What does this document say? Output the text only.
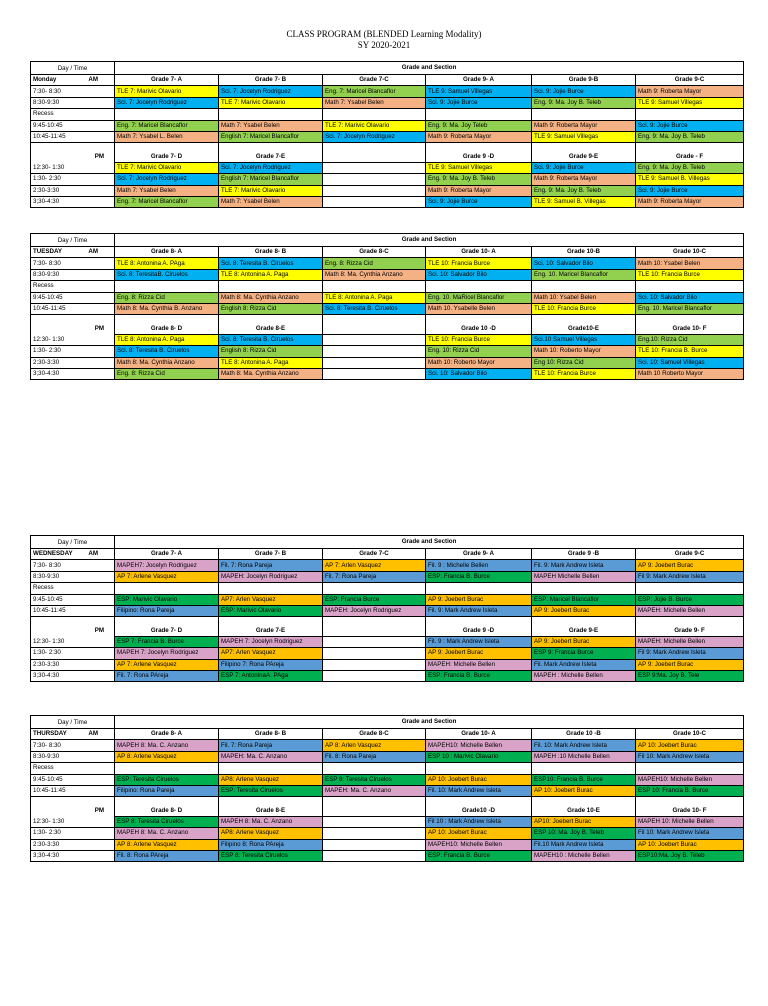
CLASS PROGRAM (BLENDED Learning Modality)
SY 2020-2021
Day / Time	Grade and Section					
Monday AM	Grade 7- A	Grade 7- B	Grade 7-C	Grade 9- A	Grade 9-B	Grade 9-C
7:30- 8:30	TLE 7: Marivic Olavario	Sci. 7: Jocelyn Rodriguez	Eng. 7: Maricel Blancaflor	TLE 9: Samuel Villegas	Sci. 9: Jojie Burce	Math 9: Roberta Mayor
8:30-9:30	Sci. 7: Jocelyn Rodriguez	TLE 7: Marivic Olavario	Math 7: Ysabel Belen	Sci. 9: Jojie Burce	Eng. 9: Ma. Joy B. Teleb	TLE 9: Samuel Villegas
Recess						
9:45-10:45	Eng. 7: Maricel Blancaflor	Math 7: Ysabel Belen	TLE 7: Marivic Olavario	Eng. 9: Ma. Joy Teleb	Math 9: Roberta Mayor	Sci. 9: Jojie Burce
10:45-11:45	Math 7: Ysabel L. Belen	English 7: Maricel Blancaflor	Sci. 7: Jocelyn Rodriguez	Math 9: Roberta Mayor	TLE 9: Samuel Villegas	Eng. 9: Ma. Joy B. Teleb

PM	Grade 7- D	Grade 7-E		Grade 9 -D	Grade 9-E	Grade - F
12:30- 1:30	TLE 7: Marivic Olavario	Sci. 7: Jocelyn Rodriguez		TLE 9: Samuel Villegas	Sci. 9: Jojie Burce	Eng. 9: Ma. Joy B. Teleb
1:30- 2:30	Sci. 7: Jocelyn Rodriguez	English 7: Maricel Blancaflor		Eng. 9: Ma. Joy B. Teleb	Math 9: Roberta Mayor	TLE 9: Samuel B. Villegas
2:30-3:30	Math 7: Ysabel Belen	TLE 7: Marivic Olavario		Math 9: Roberta Mayor	Eng. 9: Ma. Joy B. Teleb	Sci. 9: Jojie Burce
3;30-4:30	Eng. 7: Maricel Blancaflor	Math 7: Ysabel Belen		Sci. 9: Jojie Burce	TLE 9: Samuel B. Villegas	Math 9: Roberta Mayor
Day / Time	Grade and Section					
TUESDAY AM	Grade 8- A	Grade 8- B	Grade 8-C	Grade 10- A	Grade 10-B	Grade 10-C
7:30- 8:30	TLE 8: Antonina A. PAga	Sci. 8: Teresita B. Ciruelos	Eng. 8: Rizza Cid	TLE 10: Francia Burce	Sci. 10: Salvador Bilo	Math 10: Ysabel Belen
8:30-9:30	Sci. 8: TeresitaB. Ciruelos	TLE 8: Antonina A. Paga	Math 8: Ma. Cynthia Anzano	Sci. 10: Salvador Bilo	Eng. 10. Maricel Blancaflor	TLE 10: Francia Burce
Recess						
9:45-10:45	Eng. 8: Rizza Cid	Math 8: Ma. Cynthia Anzano	TLE 8: Antonina A. Paga	Eng. 10. MaRicel Blancaflor	Math 10: Ysabel Belen	Sci. 10: Salvador Bilo
10:45-11:45	Math 8: Ma. Cynthia B. Anzano	English 8: Rizza Cid	Sci. 8: Teresita B. Ciruelos	Math 10. Ysabelle Belen	TLE 10: Francia Burce	Eng. 10. Maricel Blancaflor

PM	Grade 8- D	Grade 8-E		Grade 10 -D	Grade10-E	Grade 10- F
12:30- 1:30	TLE 8: Antonina A. Paga	Sci. 8: Teresita B. Ciruelos		TLE 10: Francia Burce	Sci.10 Samuel Villegas	Eng.10: Rizza Cid
1:30- 2:30	Sci. 8: Teresita B. Ciruelos	English 8: Rizza Cid		Eng. 10: Rizza Cid	Math 10: Roberto Mayor	TLE 10: Francia B. Burce
2:30-3:30	Math 8: Ma. Cynthia Anzano	TLE 8: Antonina A. Paga		Math 10: Roberto Mayor	Eng 10: Rizza Cid	Sci. 10: Samuel Villegas
3;30-4:30	Eng. 8: Rizza Cid	Math 8: Ma. Cynthia Anzano		Sci. 10: Salvador Bilo	TLE 10: Francia Burce	Math 10 Roberto Mayor
Day / Time	Grade and Section					
WEDNESDAY AM	Grade 7- A	Grade 7- B	Grade 7-C	Grade 9- A	Grade 9 -B	Grade 9-C
7:30- 8:30	MAPEH7: Jocelyn Rodriguez	Fil. 7: Rona Pareja	AP 7: Arlen Vasquez	Fil. 9 : Michelle Bellen	Fil. 9: Mark Andrew Isleta	AP 9: Joebert Burac
8:30-9:30	AP 7: Arlene Vasquez	MAPEH: Jocelyn Rodriguez	Fil. 7: Rona Pareja	ESP: Francia B. Burce	MAPEH Michelle Bellen	Fil 9: Mark Andrew Isleta
Recess						
9:45-10:45	ESP: Marivic Olavario	AP7: Arlen Vasquez	ESP: Francia Burce	AP 9: Joebert Burac	ESP: Maricel Blancaflor	ESP: Jojie B. Burce
10:45-11:45	Filipino: Rona Pareja	ESP: Marivic Olavario	MAPEH: Jocelyn Rodriguez	Fil. 9: Mark Andrew Isleta	AP 9: Joebert Burac	MAPEH: Michelle Bellen

PM	Grade 7- D	Grade 7-E		Grade 9 -D	Grade 9-E	Grade 9- F
12:30- 1:30	ESP 7: Francia B. Burce	MAPEH 7: Jocelyn Rodriguez		Fil. 9 : Mark Andrew Isleta	AP 9: Joebert Burac	MAPEH: Michelle Bellen
1:30- 2:30	MAPEH 7: Jocelyn Rodriguez	AP7: Arlen Vasquez		AP 9: Joebert Burac	ESP 9: Francia Burce	Fil 9: Mark Andrew Isleta
2:30-3:30	AP 7: Arlene Vasquez	Filipino 7: Rona PAreja		MAPEH: Michelle Bellen	Fil. Mark Andrew Isleta	AP 9: Joebert Burac
3;30-4:30	Fil. 7: Rona PAreja	ESP 7: AntoninaA. PAga		ESP: Francia B. Burce	MAPEH : Michelle Bellen	ESP 9:Ma. Joy B. Tele
Day / Time	Grade and Section					
THURSDAY AM	Grade 8- A	Grade 8- B	Grade 8-C	Grade 10- A	Grade 10 -B	Grade 10-C
7:30- 8:30	MAPEH 8: Ma. C. Anzano	Fil. 7: Rona Pareja	AP 8: Arlen Vasquez	MAPEH10: Michelle Bellen	Fil. 10: Mark Andrew Isleta	AP 10: Joebert Burac
8:30-9:30	AP 8: Arlene Vasquez	MAPEH: Ma. C. Anzano	Fil. 8: Rona Pareja	ESP 10 : Marivic Olavario	MAPEH :10 Michelle Bellen	Fil 10: Mark Andrew Isleta
Recess						
9:45-10:45	ESP: Teresita Ciruelos	AP8: Arlene Vasquez	ESP 8: Teresita Ciruelos	AP 10: Joebert Burac	ESP10: Francia B. Burce	MAPEH10: Michelle Bellen
10:45-11:45	Filipino: Rona Pareja	ESP: Teresita Ciruelos	MAPEH: Ma. C. Anzano	Fil. 10: Mark Andrew Isleta	AP 10: Joebert Burac	ESP 10: Francia B. Burce

PM	Grade 8- D	Grade 8-E		Grade10 -D	Grade 10-E	Grade 10- F
12:30- 1:30	ESP 8: Teresita Ciruelos	MAPEH 8: Ma. C. Anzano		Fil 10 : Mark Andrew Isleta	AP10: Joebert Burac	MAPEH 10: Michelle Bellen
1:30- 2:30	MAPEH 8: Ma. C. Anzano	AP8: Arlene Vasquez		AP 10: Joebert Burac	ESP 10: Ma. Joy B. Teleb	Fil 10: Mark Andrew Isleta
2:30-3:30	AP 8: Arlene Vasquez	Filipino 8: Rona PAreja		MAPEH10: Michelle Bellen	Fil.10 Mark Andrew Isleta	AP 10: Joebert Burac
3;30-4:30	Fil. 8: Rona PAreja	ESP 8: Teresita Ciruelos		ESP: Francia B. Burce	MAPEH10 : Michelle Bellen	ESP10:Ma. Joy B. Teleb
